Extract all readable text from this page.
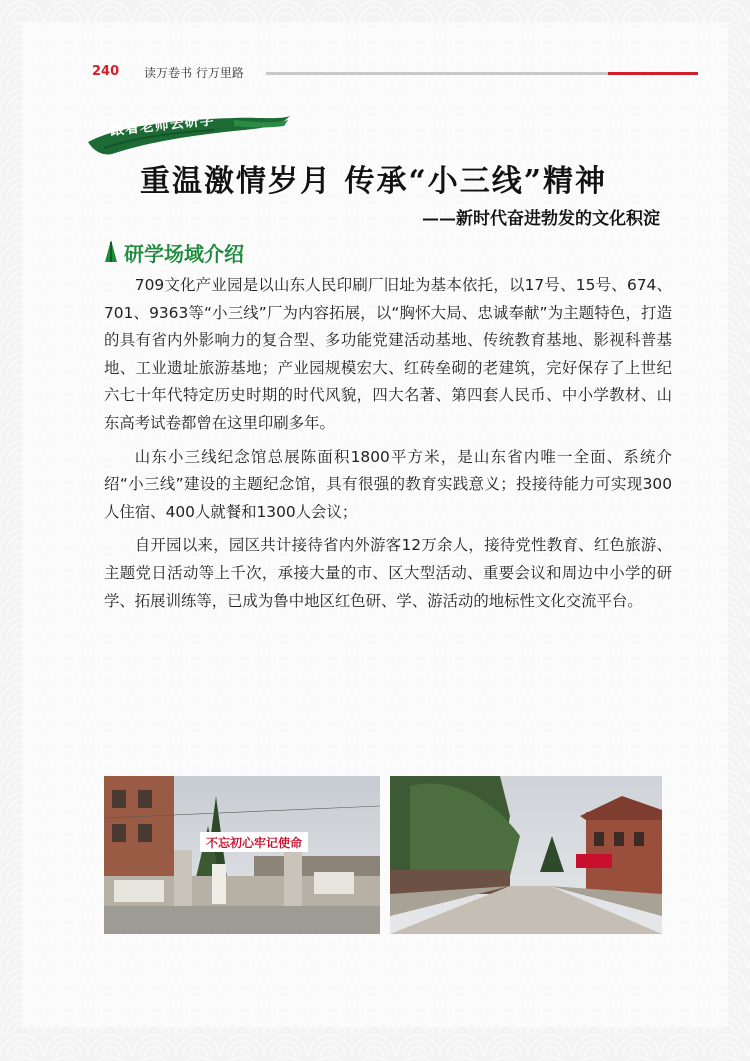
240 读万卷书 行万里路
跟着老师去研学
重温激情岁月 传承“小三线”精神
——新时代奋进勃发的文化积淀
研学场域介绍

709文化产业园是以山东人民印刷厂旧址为基本依托，以17号、15号、674、701、9363等“小三线”厂为内容拓展，以“胸怀大局、忠诚奉献”为主题特色，打造的具有省内外影响力的复合型、多功能党建活动基地、传统教育基地、影视科普基地、工业遗址旅游基地；产业园规模宏大、红砖垒砌的老建筑，完好保存了上世纪六七十年代特定历史时期的时代风貌，四大名著、第四套人民币、中小学教材、山东高考试卷都曾在这里印刷多年。

山东小三线纪念馆总展陈面积1800平方米，是山东省内唯一全面、系统介绍“小三线”建设的主题纪念馆，具有很强的教育实践意义；投接待能力可实现300人住宿、400人就餐和1300人会议；

自开园以来，园区共计接待省内外游客12万余人，接待党性教育、红色旅游、主题党日活动等上千次，承接大量的市、区大型活动、重要会议和周边中小学的研学、拓展训练等，已成为鲁中地区红色研、学、游活动的地标性文化交流平台。

不忘初心牢记使命
